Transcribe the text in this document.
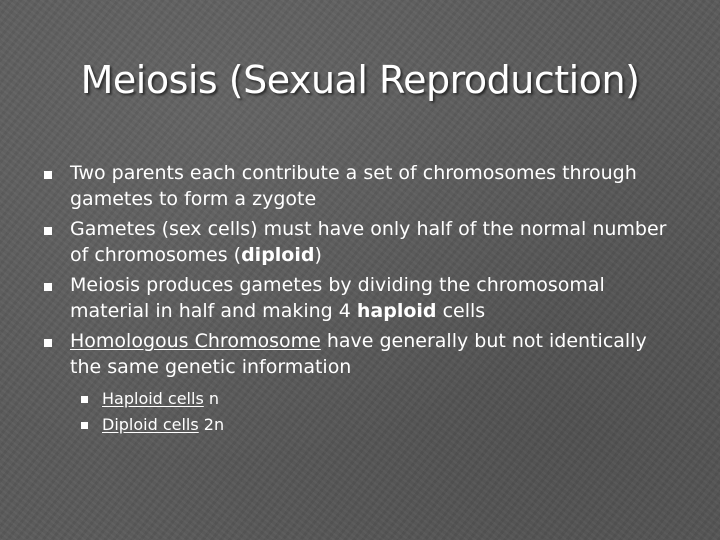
Meiosis (Sexual Reproduction)
Two parents each contribute a set of chromosomes through gametes to form a zygote
Gametes (sex cells) must have only half of the normal number of chromosomes (diploid)
Meiosis produces gametes by dividing the chromosomal material in half and making 4 haploid cells
Homologous Chromosome have generally but not identically the same genetic information
Haploid cells n
Diploid cells 2n
